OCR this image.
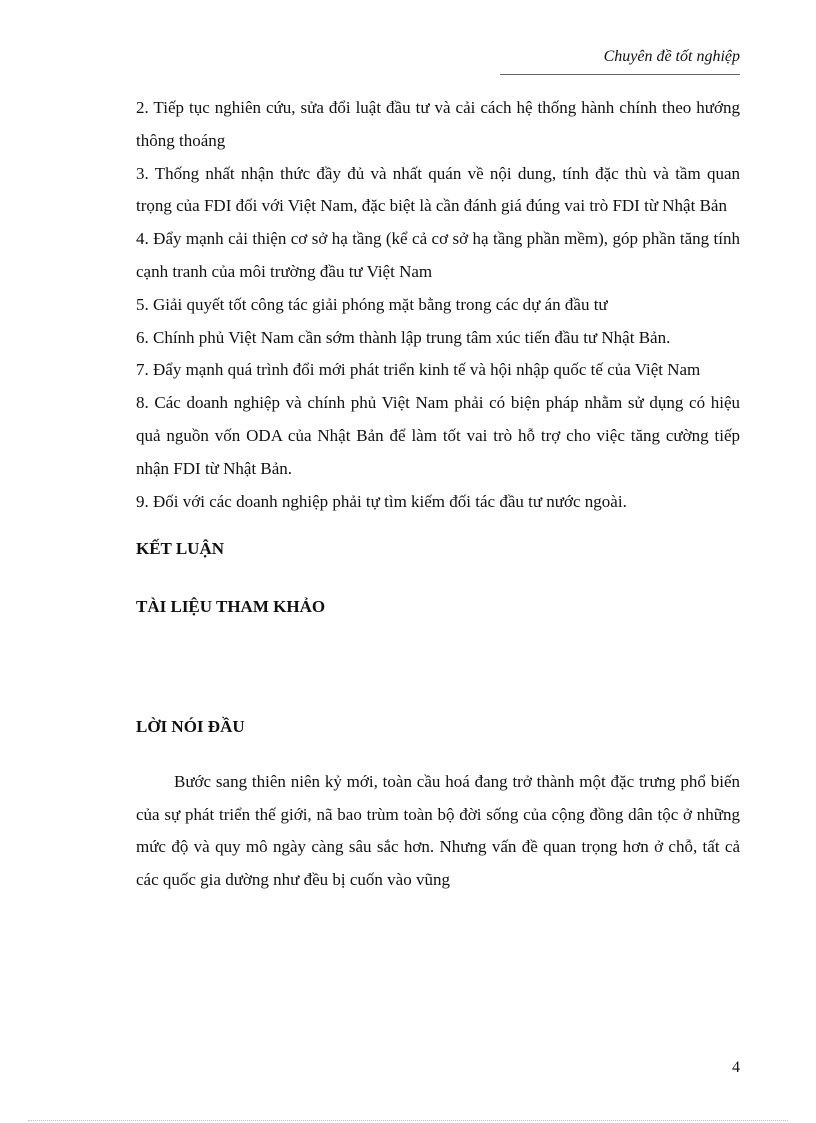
Chuyên đề tốt nghiệp

2. Tiếp tục nghiên cứu, sửa đổi luật đầu tư và cải cách hệ thống hành chính theo hướng thông thoáng

3. Thống nhất nhận thức đầy đủ và nhất quán về nội dung, tính đặc thù và tầm quan trọng của FDI đối với Việt Nam, đặc biệt là cần đánh giá đúng vai trò FDI từ Nhật Bản

4. Đẩy mạnh cải thiện cơ sở hạ tầng (kể cả cơ sở hạ tầng phần mềm), góp phần tăng tính cạnh tranh của môi trường đầu tư Việt Nam

5. Giải quyết tốt công tác giải phóng mặt bằng trong các dự án đầu tư

6. Chính phủ Việt Nam cần sớm thành lập trung tâm xúc tiến đầu tư Nhật Bản.

7. Đẩy mạnh quá trình đổi mới phát triển kinh tế và hội nhập quốc tế của Việt Nam

8. Các doanh nghiệp và chính phủ Việt Nam phải có biện pháp nhằm sử dụng có hiệu quả nguồn vốn ODA của Nhật Bản để làm tốt vai trò hỗ trợ cho việc tăng cường tiếp nhận FDI từ Nhật Bản.

9. Đối với các doanh nghiệp phải tự tìm kiếm đối tác đầu tư nước ngoài.

KẾT LUẬN

TÀI LIỆU THAM KHẢO

LỜI NÓI ĐẦU

Bước sang thiên niên kỷ mới, toàn cầu hoá đang trở thành một đặc trưng phổ biến của sự phát triển thế giới, nã bao trùm toàn bộ đời sống của cộng đồng dân tộc ở những mức độ và quy mô ngày càng sâu sắc hơn. Nhưng vấn đề quan trọng hơn ở chỗ, tất cả các quốc gia dường như đều bị cuốn vào vũng

4
